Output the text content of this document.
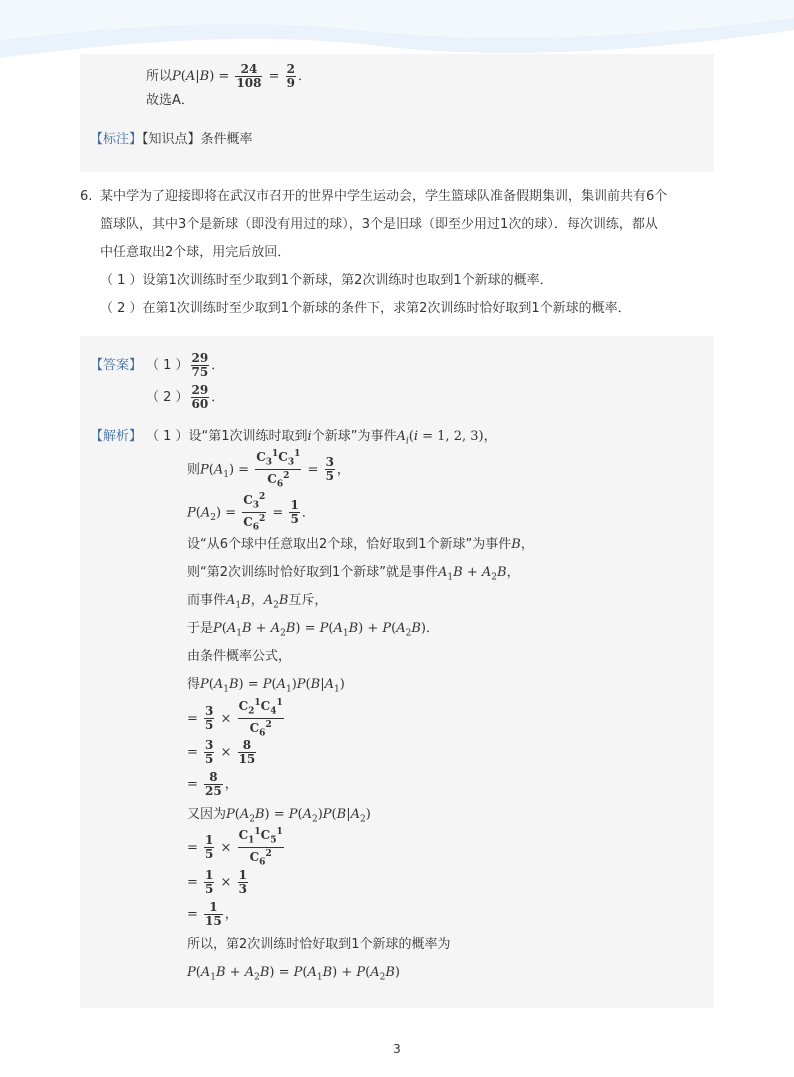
所以$P(A|B) = \frac{24}{108} = \frac{2}{9}$ ．
故选A．
【标注】【知识点】条件概率
6. 某中学为了迎接即将在武汉市召开的世界中学生运动会，学生篮球队准备假期集训，集训前共有6个
篮球队，其中3个是新球（即没有用过的球），3个是旧球（即至少用过1次的球）．每次训练，都从
中任意取出2个球，用完后放回．
（ 1 ）设第1次训练时至少取到1个新球，第2次训练时也取到1个新球的概率．
（ 2 ）在第1次训练时至少取到1个新球的条件下，求第2次训练时恰好取到1个新球的概率．
【答案】 （ 1 ） $\frac{29}{75}$ ．
（ 2 ） $\frac{29}{60}$ ．
【解析】 （ 1 ）设“第1次训练时取到i个新球”为事件$A_i(i = 1$, 2, 3)，
则$P(A_1) = \frac{C_3^1C_3^1}{C_6^2} = \frac{3}{5}$ ，
$P(A_2) = \frac{C_3^2}{C_6^2} = \frac{1}{5}$ ．
设“从6个球中任意取出2个球，恰好取到1个新球”为事件B，
则“第2次训练时恰好取到1个新球”就是事件$A_1B + A_2B$，
而事件$A_1B$，$A_2B$互斥，
于是$P(A_1B + A_2B) = P(A_1B) + P(A_2B)$．
由条件概率公式，
得$P(A_1B) = P(A_1)P(B|A_1)$
= $\frac{3}{5} \times \frac{C_2^1C_4^1}{C_6^2}$
= $\frac{3}{5} \times \frac{8}{15}$
= $\frac{8}{25}$ ，
又因为$P(A_2B) = P(A_2)P(B|A_2)$
= $\frac{1}{5} \times \frac{C_1^1C_5^1}{C_6^2}$
= $\frac{1}{5} \times \frac{1}{3}$
= $\frac{1}{15}$ ，
所以，第2次训练时恰好取到1个新球的概率为
$P(A_1B + A_2B) = P(A_1B) + P(A_2B)$
3
